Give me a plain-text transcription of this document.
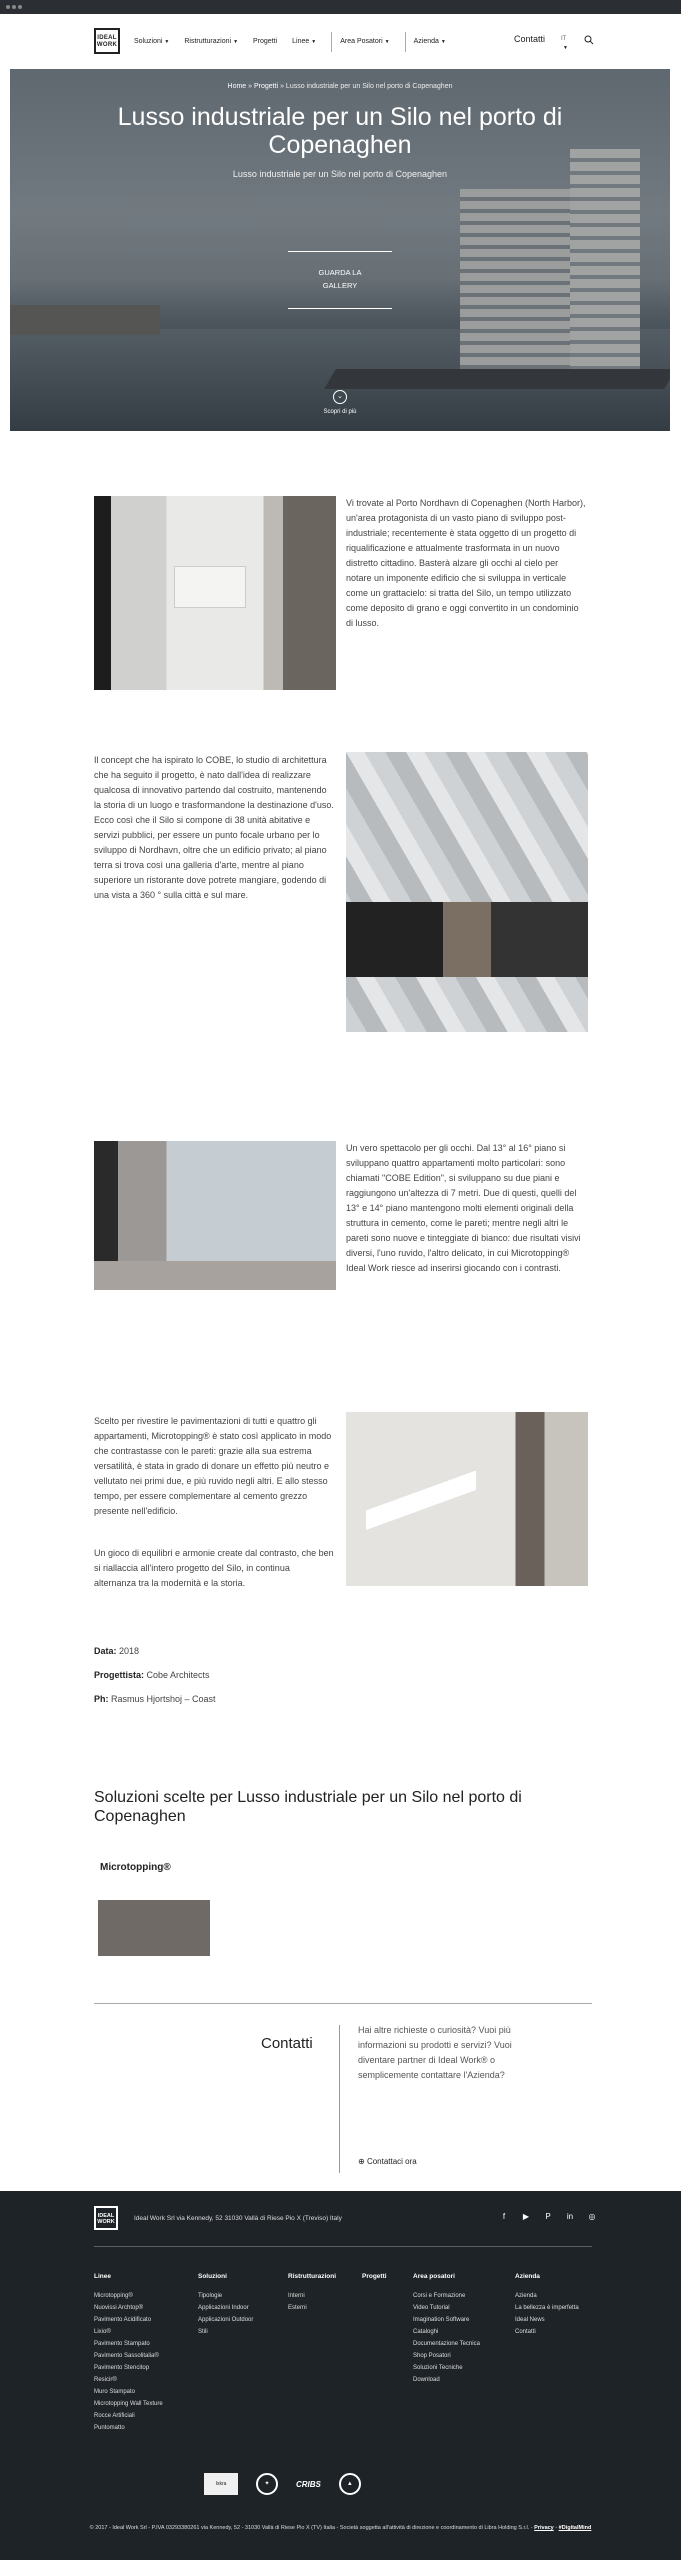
IDEAL
WORK Soluzioni ▼ Ristrutturazioni ▼ Progetti Linee ▼	Area Posatori ▼	Azienda ▼	Contatti	IT
▼
Home » Progetti » Lusso industriale per un Silo nel porto di Copenaghen
Lusso industriale per un Silo nel porto di Copenaghen
Lusso industriale per un Silo nel porto di Copenaghen
GUARDA LA
GALLERY
⌄
Scopri di più

Vi trovate al Porto Nordhavn di Copenaghen (North Harbor), un'area protagonista di un vasto piano di sviluppo post-industriale; recentemente è stata oggetto di un progetto di riqualificazione e attualmente trasformata in un nuovo distretto cittadino. Basterà alzare gli occhi al cielo per notare un imponente edificio che si sviluppa in verticale come un grattacielo: si tratta del Silo, un tempo utilizzato come deposito di grano e oggi convertito in un condominio di lusso.

Il concept che ha ispirato lo COBE, lo studio di architettura che ha seguito il progetto, è nato dall'idea di realizzare qualcosa di innovativo partendo dal costruito, mantenendo la storia di un luogo e trasformandone la destinazione d'uso. Ecco così che il Silo si compone di 38 unità abitative e servizi pubblici, per essere un punto focale urbano per lo sviluppo di Nordhavn, oltre che un edificio privato; al piano terra si trova così una galleria d'arte, mentre al piano superiore un ristorante dove potrete mangiare, godendo di una vista a 360 ° sulla città e sul mare.

Un vero spettacolo per gli occhi. Dal 13° al 16° piano si sviluppano quattro appartamenti molto particolari: sono chiamati "COBE Edition", si sviluppano su due piani e raggiungono un'altezza di 7 metri. Due di questi, quelli del 13° e 14° piano mantengono molti elementi originali della struttura in cemento, come le pareti; mentre negli altri le pareti sono nuove e tinteggiate di bianco: due risultati visivi diversi, l'uno ruvido, l'altro delicato, in cui Microtopping® Ideal Work riesce ad inserirsi giocando con i contrasti.

Scelto per rivestire le pavimentazioni di tutti e quattro gli appartamenti, Microtopping® è stato così applicato in modo che contrastasse con le pareti: grazie alla sua estrema versatilità, è stata in grado di donare un effetto più neutro e vellutato nei primi due, e più ruvido negli altri. E allo stesso tempo, per essere complementare al cemento grezzo presente nell'edificio.

Un gioco di equilibri e armonie create dal contrasto, che ben si riallaccia all'intero progetto del Silo, in continua alternanza tra la modernità e la storia.

Data: 2018
Progettista: Cobe Architects
Ph: Rasmus Hjortshoj – Coast
Soluzioni scelte per Lusso industriale per un Silo nel porto di Copenaghen
Microtopping®
Contatti

Hai altre richieste o curiosità? Vuoi più informazioni su prodotti e servizi? Vuoi diventare partner di Ideal Work® o semplicemente contattare l'Azienda?

⊕ Contattaci ora
IDEAL
WORK	Ideal Work Srl via Kennedy, 52 31030 Vallà di Riese Pio X (Treviso) Italy	f	▶	P	in	◎
Linee
Microtopping®
Nuovissi Archtop®
Pavimento Acidificato
Lixio®
Pavimento Stampato
Pavimento Sassolitalia®
Pavimento Stencitop
Resicir®
Muro Stampato
Microtopping Wall Texture
Rocce Artificiali
Puntomatto
Soluzioni
Tipologie
Applicazioni Indoor
Applicazioni Outdoor
Stili
Ristrutturazioni
Interni
Esterni
Progetti	Area posatori
Corsi e Formazione
Video Tutorial
Imagination Software
Cataloghi
Documentazione Tecnica
Shop Posatori
Soluzioni Tecniche
Download
Azienda
Azienda
La bellezza è imperfetta
Ideal News
Contatti
Iskra	✦	CRIBS	▲
© 2017 - Ideal Work Srl - P.IVA 03293380261 via Kennedy, 52 - 31030 Vallà di Riese Pio X (TV) Italia - Società soggetta all'attività di direzione e coordinamento di Libra Holding S.r.l. - Privacy - #DigitalMind
